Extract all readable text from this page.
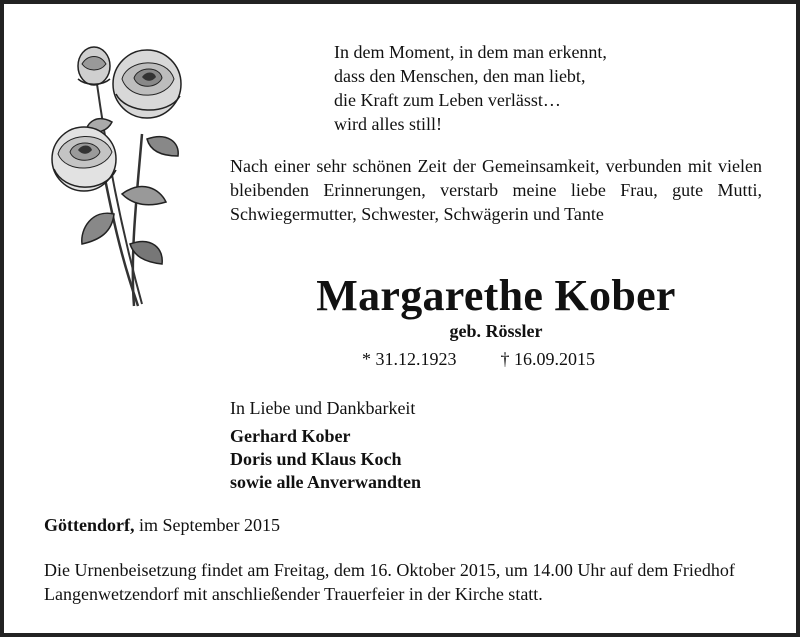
In dem Moment, in dem man erkennt,
dass den Menschen, den man liebt,
die Kraft zum Leben verlässt…
wird alles still!
Nach einer sehr schönen Zeit der Gemeinsamkeit, verbunden mit vielen bleibenden Erinnerungen, verstarb meine liebe Frau, gute Mutti, Schwiegermutter, Schwester, Schwägerin und Tante
Margarethe Kober
geb. Rössler
* 31.12.1923 † 16.09.2015
In Liebe und Dankbarkeit
Gerhard Kober
Doris und Klaus Koch
sowie alle Anverwandten
Göttendorf, im September 2015
Die Urnenbeisetzung findet am Freitag, dem 16. Oktober 2015, um 14.00 Uhr auf dem Friedhof Langenwetzendorf mit anschließender Trauerfeier in der Kirche statt.
